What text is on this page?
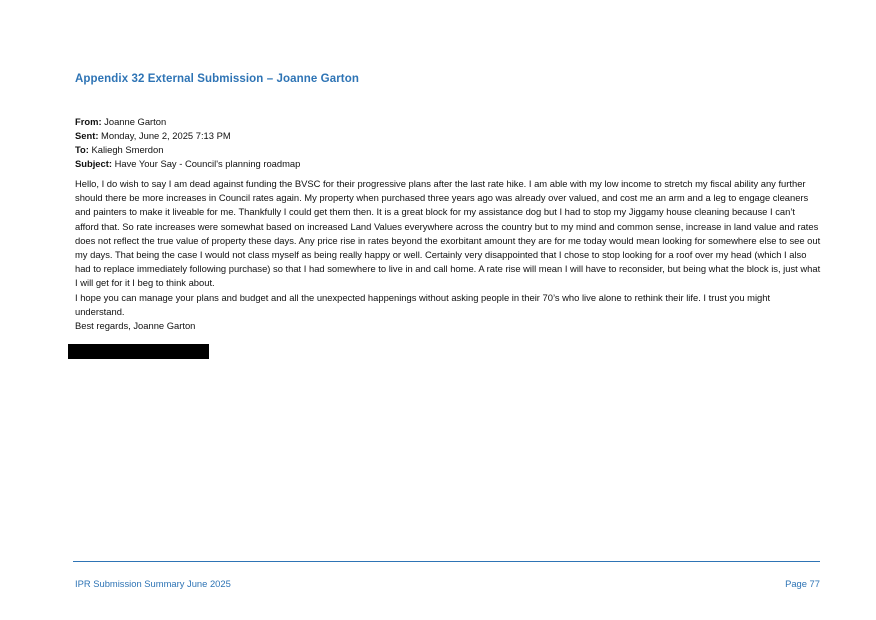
Appendix 32 External Submission – Joanne Garton
From: Joanne Garton
Sent: Monday, June 2, 2025 7:13 PM
To: Kaliegh Smerdon
Subject: Have Your Say - Council's planning roadmap

Hello, I do wish to say I am dead against funding the BVSC for their progressive plans after the last rate hike. I am able with my low income to stretch my fiscal ability any further should there be more increases in Council rates again. My property when purchased three years ago was already over valued, and cost me an arm and a leg to engage cleaners and painters to make it liveable for me. Thankfully I could get them then. It is a great block for my assistance dog but I had to stop my Jiggamy house cleaning because I can’t afford that. So rate increases were somewhat based on increased Land Values everywhere across the country but to my mind and common sense, increase in land value and rates does not reflect the true value of property these days. Any price rise in rates beyond the exorbitant amount they are for me today would mean looking for somewhere else to see out my days. That being the case I would not class myself as being really happy or well. Certainly very disappointed that I chose to stop looking for a roof over my head (which I also had to replace immediately following purchase) so that I had somewhere to live in and call home. A rate rise will mean I will have to reconsider, but being what the block is, just what I will get for it I beg to think about.

I hope you can manage your plans and budget and all the unexpected happenings without asking people in their 70’s who live alone to rethink their life. I trust you might understand.

Best regards, Joanne Garton

IPR Submission Summary June 2025	Page 77
